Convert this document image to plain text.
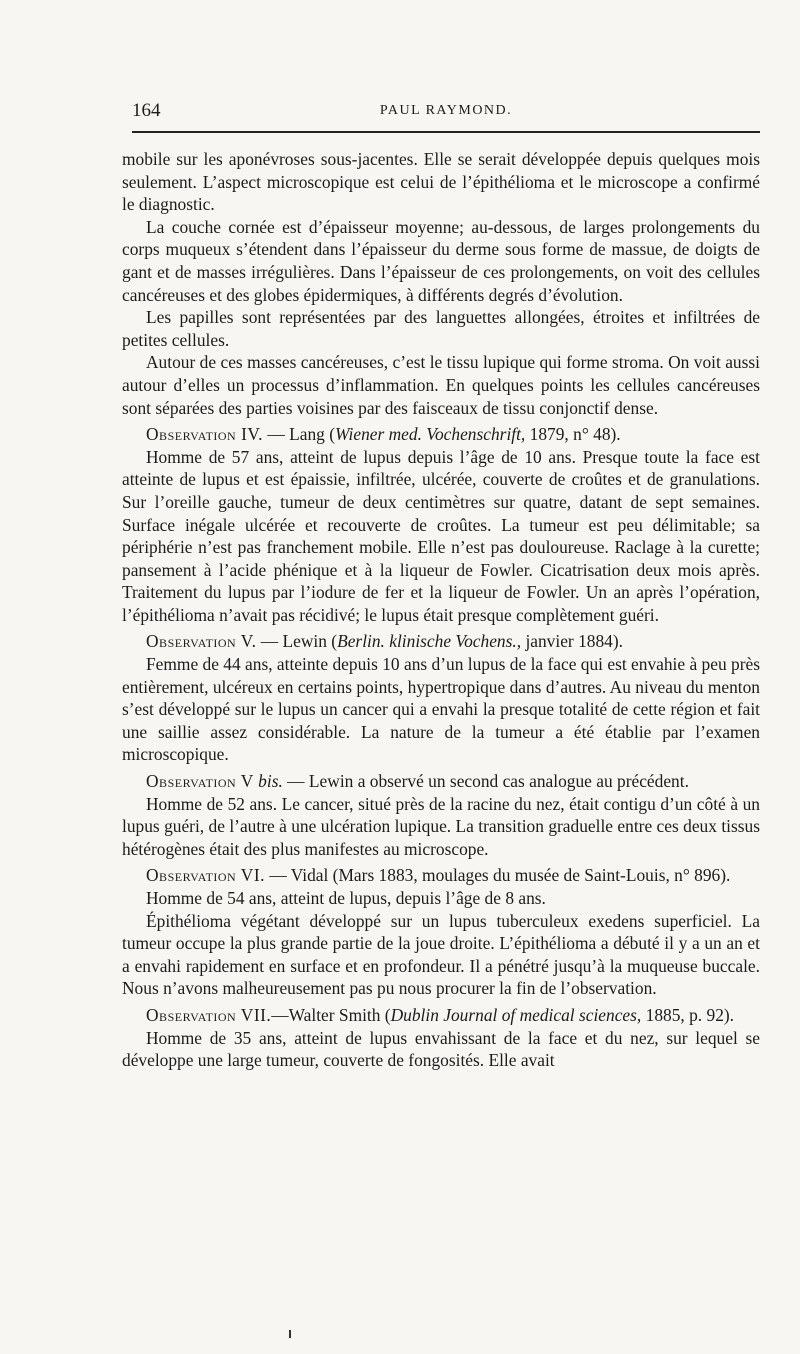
164	PAUL RAYMOND.

mobile sur les aponévroses sous-jacentes. Elle se serait développée depuis quelques mois seulement. L’aspect microscopique est celui de l’épithélioma et le microscope a confirmé le diagnostic.

La couche cornée est d’épaisseur moyenne; au-dessous, de larges prolongements du corps muqueux s’étendent dans l’épaisseur du derme sous forme de massue, de doigts de gant et de masses irrégulières. Dans l’épaisseur de ces prolongements, on voit des cellules cancéreuses et des globes épidermiques, à différents degrés d’évolution.

Les papilles sont représentées par des languettes allongées, étroites et infiltrées de petites cellules.

Autour de ces masses cancéreuses, c’est le tissu lupique qui forme stroma. On voit aussi autour d’elles un processus d’inflammation. En quelques points les cellules cancéreuses sont séparées des parties voisines par des faisceaux de tissu conjonctif dense.

Observation IV. — Lang (Wiener med. Vochenschrift, 1879, n° 48).

Homme de 57 ans, atteint de lupus depuis l’âge de 10 ans. Presque toute la face est atteinte de lupus et est épaissie, infiltrée, ulcérée, couverte de croûtes et de granulations. Sur l’oreille gauche, tumeur de deux centimètres sur quatre, datant de sept semaines. Surface inégale ulcérée et recouverte de croûtes. La tumeur est peu délimitable; sa périphérie n’est pas franchement mobile. Elle n’est pas douloureuse. Raclage à la curette; pansement à l’acide phénique et à la liqueur de Fowler. Cicatrisation deux mois après. Traitement du lupus par l’iodure de fer et la liqueur de Fowler. Un an après l’opération, l’épithélioma n’avait pas récidivé; le lupus était presque complètement guéri.

Observation V. — Lewin (Berlin. klinische Vochens., janvier 1884).

Femme de 44 ans, atteinte depuis 10 ans d’un lupus de la face qui est envahie à peu près entièrement, ulcéreux en certains points, hypertropique dans d’autres. Au niveau du menton s’est développé sur le lupus un cancer qui a envahi la presque totalité de cette région et fait une saillie assez considérable. La nature de la tumeur a été établie par l’examen microscopique.

Observation V bis. — Lewin a observé un second cas analogue au précédent.

Homme de 52 ans. Le cancer, situé près de la racine du nez, était contigu d’un côté à un lupus guéri, de l’autre à une ulcération lupique. La transition graduelle entre ces deux tissus hétérogènes était des plus manifestes au microscope.

Observation VI. — Vidal (Mars 1883, moulages du musée de Saint-Louis, n° 896).

Homme de 54 ans, atteint de lupus, depuis l’âge de 8 ans.

Épithélioma végétant développé sur un lupus tuberculeux exedens superficiel. La tumeur occupe la plus grande partie de la joue droite. L’épithélioma a débuté il y a un an et a envahi rapidement en surface et en profondeur. Il a pénétré jusqu’à la muqueuse buccale. Nous n’avons malheureusement pas pu nous procurer la fin de l’observation.

Observation VII.—Walter Smith (Dublin Journal of medical sciences, 1885, p. 92).

Homme de 35 ans, atteint de lupus envahissant de la face et du nez, sur lequel se développe une large tumeur, couverte de fongosités. Elle avait
